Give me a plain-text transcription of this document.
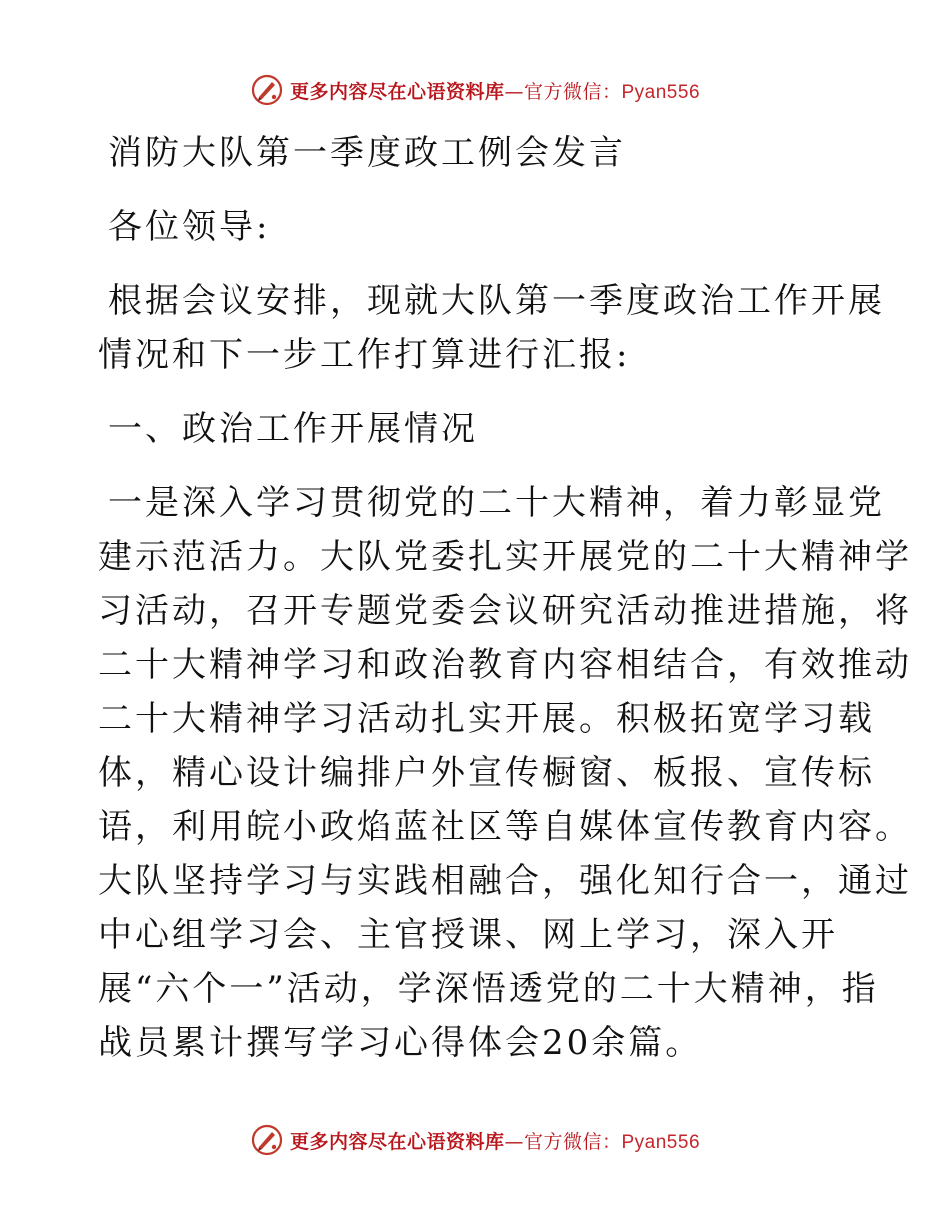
更多内容尽在心语资料库—官方微信：Pyan556

消防大队第一季度政工例会发言

各位领导:

根据会议安排，现就大队第一季度政治工作开展

情况和下一步工作打算进行汇报:

一、政治工作开展情况

一是深入学习贯彻党的二十大精神，着力彰显党

建示范活力。大队党委扎实开展党的二十大精神学

习活动，召开专题党委会议研究活动推进措施，将

二十大精神学习和政治教育内容相结合，有效推动

二十大精神学习活动扎实开展。积极拓宽学习载

体，精心设计编排户外宣传橱窗、板报、宣传标

语，利用皖小政焰蓝社区等自媒体宣传教育内容。

大队坚持学习与实践相融合，强化知行合一，通过

中心组学习会、主官授课、网上学习，深入开

展“六个一”活动，学深悟透党的二十大精神，指

战员累计撰写学习心得体会20余篇。

更多内容尽在心语资料库—官方微信：Pyan556
